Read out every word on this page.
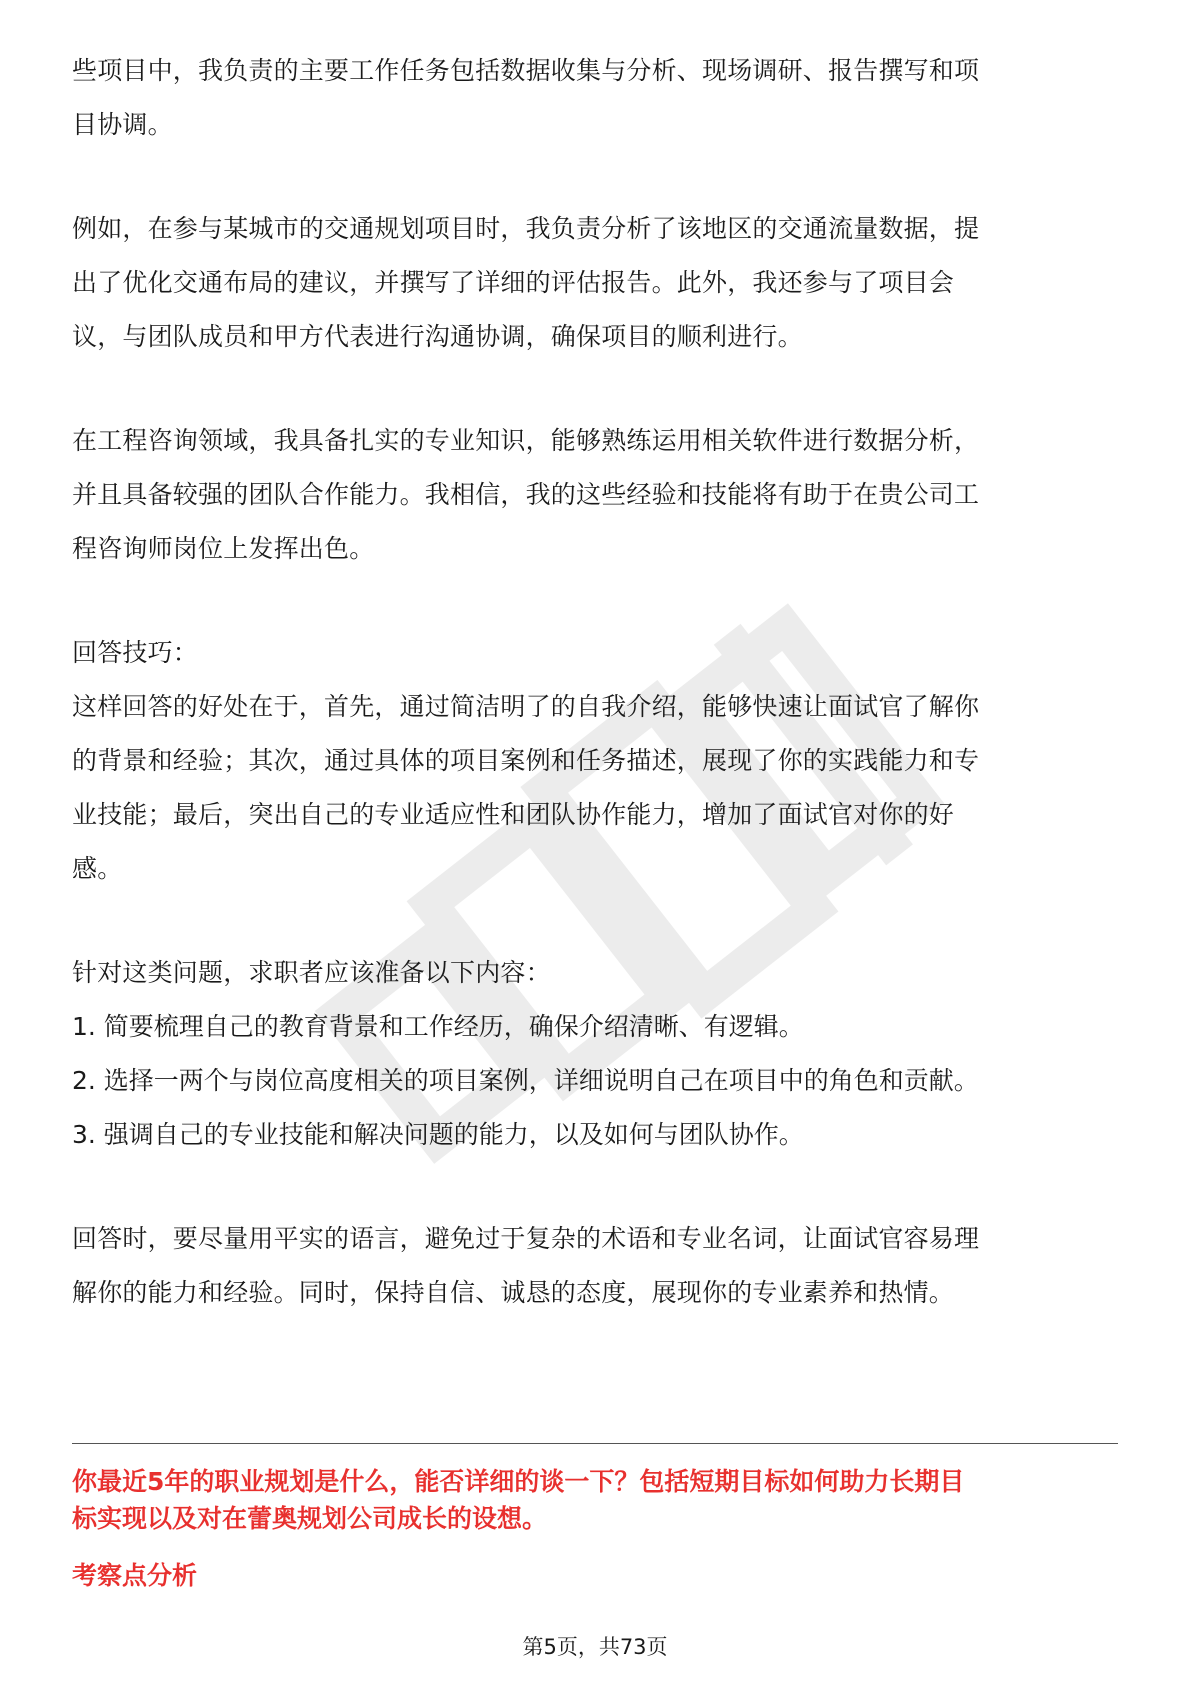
些项目中，我负责的主要工作任务包括数据收集与分析、现场调研、报告撰写和项

目协调。

例如，在参与某城市的交通规划项目时，我负责分析了该地区的交通流量数据，提

出了优化交通布局的建议，并撰写了详细的评估报告。此外，我还参与了项目会

议，与团队成员和甲方代表进行沟通协调，确保项目的顺利进行。

在工程咨询领域，我具备扎实的专业知识，能够熟练运用相关软件进行数据分析，

并且具备较强的团队合作能力。我相信，我的这些经验和技能将有助于在贵公司工

程咨询师岗位上发挥出色。

回答技巧：

这样回答的好处在于，首先，通过简洁明了的自我介绍，能够快速让面试官了解你

的背景和经验；其次，通过具体的项目案例和任务描述，展现了你的实践能力和专

业技能；最后，突出自己的专业适应性和团队协作能力，增加了面试官对你的好

感。

针对这类问题，求职者应该准备以下内容：

1. 简要梳理自己的教育背景和工作经历，确保介绍清晰、有逻辑。

2. 选择一两个与岗位高度相关的项目案例，详细说明自己在项目中的角色和贡献。

3. 强调自己的专业技能和解决问题的能力，以及如何与团队协作。

回答时，要尽量用平实的语言，避免过于复杂的术语和专业名词，让面试官容易理

解你的能力和经验。同时，保持自信、诚恳的态度，展现你的专业素养和热情。

你最近5年的职业规划是什么，能否详细的谈一下？包括短期目标如何助力长期目
标实现以及对在蕾奥规划公司成长的设想。
考察点分析
第5页，共73页
